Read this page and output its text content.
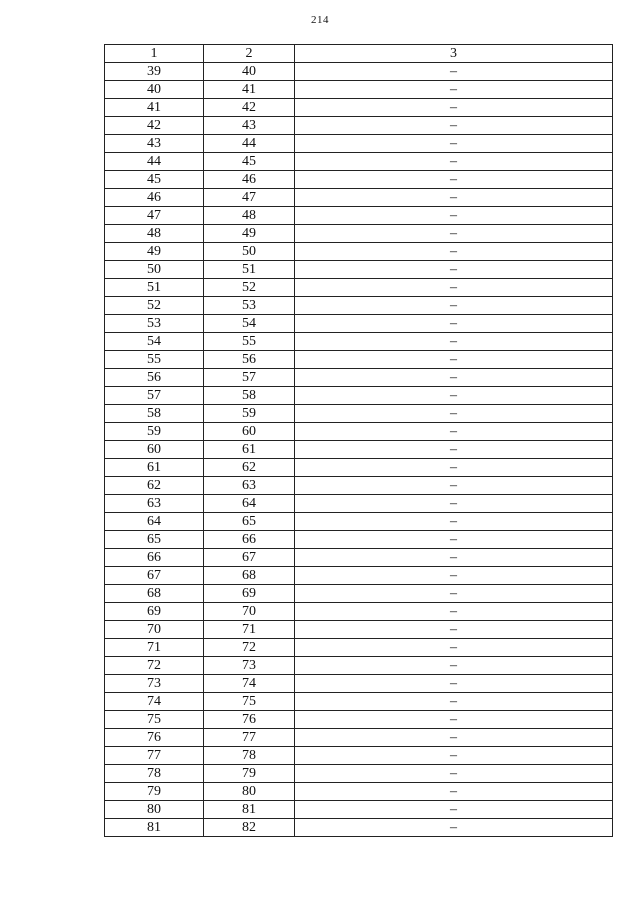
214
1	2	3
39	40	–
40	41	–
41	42	–
42	43	–
43	44	–
44	45	–
45	46	–
46	47	–
47	48	–
48	49	–
49	50	–
50	51	–
51	52	–
52	53	–
53	54	–
54	55	–
55	56	–
56	57	–
57	58	–
58	59	–
59	60	–
60	61	–
61	62	–
62	63	–
63	64	–
64	65	–
65	66	–
66	67	–
67	68	–
68	69	–
69	70	–
70	71	–
71	72	–
72	73	–
73	74	–
74	75	–
75	76	–
76	77	–
77	78	–
78	79	–
79	80	–
80	81	–
81	82	–
